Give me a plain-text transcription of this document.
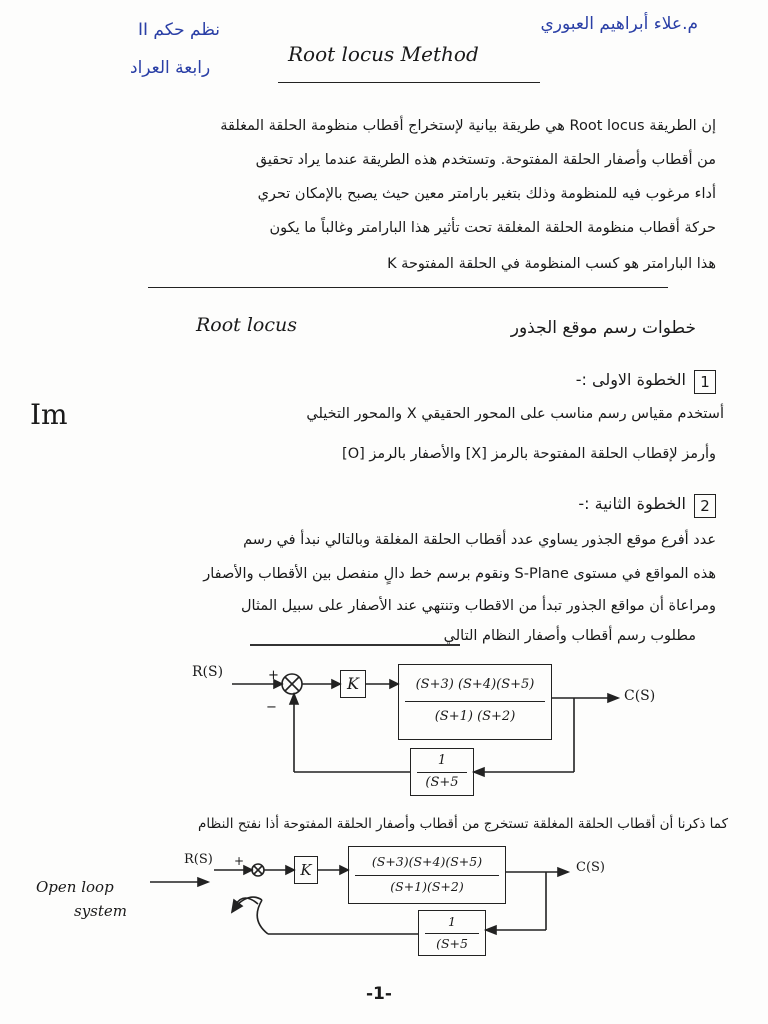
م.علاء أبراهيم العبوري
نظم حكم II
رابعة العراد
Root locus Method
إن الطريقة Root locus هي طريقة بيانية لإستخراج أقطاب منظومة الحلقة المغلقة
من أقطاب وأصفار الحلقة المفتوحة. وتستخدم هذه الطريقة عندما يراد تحقيق
أداء مرغوب فيه للمنظومة وذلك بتغير بارامتر معين حيث يصبح بالإمكان تحري
حركة أقطاب منظومة الحلقة المغلقة تحت تأثير هذا البارامتر وغالباً ما يكون
هذا البارامتر هو كسب المنظومة في الحلقة المفتوحة K
Root locus	خطوات رسم موقع الجذور
1
الخطوة الاولى :-
Im	أستخدم مقياس رسم مناسب على المحور الحقيقي X والمحور التخيلي
وأرمز لإقطاب الحلقة المفتوحة بالرمز [X] والأصفار بالرمز [O]
2
الخطوة الثانية :-
عدد أفرع موقع الجذور يساوي عدد أقطاب الحلقة المغلقة وبالتالي نبدأ في رسم
هذه المواقع في مستوى S-Plane ونقوم برسم خط دالٍ منفصل بين الأقطاب والأصفار
ومراعاة أن مواقع الجذور تبدأ من الاقطاب وتنتهي عند الأصفار على سبيل المثال
مطلوب رسم أقطاب وأصفار النظام التالي
R(S)	+
−
K	(S+3) (S+4)(S+5)
(S+1) (S+2)
C(S)
1
(S+5
كما ذكرنا أن أقطاب الحلقة المغلقة تستخرج من أقطاب وأصفار الحلقة المفتوحة أذا نفتح النظام
R(S) +
Open loop
system
K	(S+3)(S+4)(S+5)
(S+1)(S+2)
C(S)
1
(S+5
-1-
